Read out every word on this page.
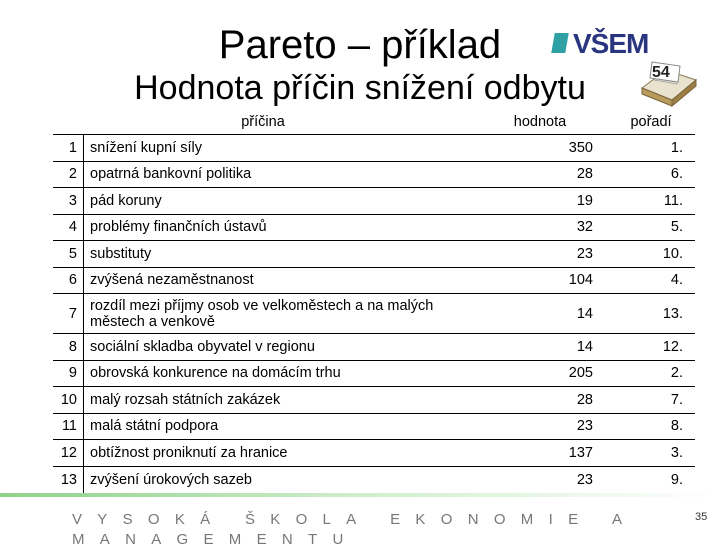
Pareto – příklad
Hodnota příčin snížení odbytu
VŠEM
54
příčina		hodnota	pořadí
1	snížení kupní síly	350	1.
2	opatrná bankovní politika	28	6.
3	pád koruny	19	11.
4	problémy finančních ústavů	32	5.
5	substituty	23	10.
6	zvýšená nezaměstnanost	104	4.
7	rozdíl mezi příjmy osob ve velkoměstech a na malých městech a venkově	14	13.
8	sociální skladba obyvatel v regionu	14	12.
9	obrovská konkurence na domácím trhu	205	2.
10	malý rozsah státních zakázek	28	7.
11	malá státní podpora	23	8.
12	obtížnost proniknutí za hranice	137	3.
13	zvýšení úrokových sazeb	23	9.
VYSOKÁ ŠKOLA EKONOMIE A MANAGEMENTU
35
